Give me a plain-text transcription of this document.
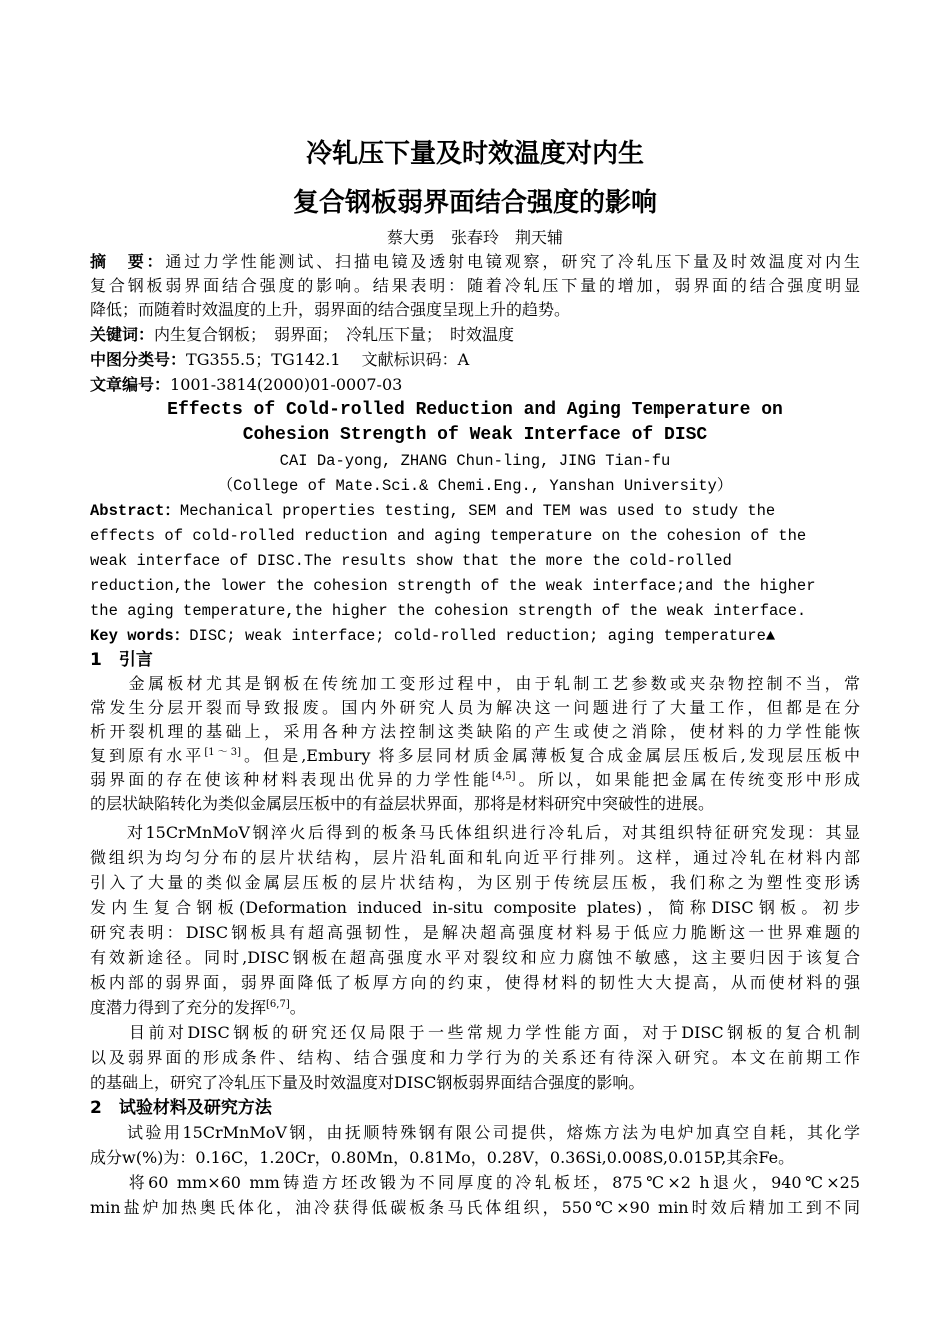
冷轧压下量及时效温度对内生
复合钢板弱界面结合强度的影响
蔡大勇　张春玲　荆天辅
摘　要：通过力学性能测试、扫描电镜及透射电镜观察，研究了冷轧压下量及时效温度对内生
复合钢板弱界面结合强度的影响。结果表明：随着冷轧压下量的增加，弱界面的结合强度明显
降低；而随着时效温度的上升，弱界面的结合强度呈现上升的趋势。
关键词：内生复合钢板；　弱界面；　冷轧压下量；　时效温度
中图分类号：TG355.5；TG142.1　 文献标识码：A
文章编号：1001-3814(2000)01-0007-03
Effects of Cold-rolled Reduction and Aging Temperature on
Cohesion Strength of Weak Interface of DISC
CAI Da-yong, ZHANG Chun-ling, JING Tian-fu
（College of Mate.Sci.& Chemi.Eng., Yanshan University）
Abstract：Mechanical properties testing, SEM and TEM was used to study the
effects of cold-rolled reduction and aging temperature on the cohesion of the
weak interface of DISC.The results show that the more the cold-rolled
reduction,the lower the cohesion strength of the weak interface;and the higher
the aging temperature,the higher the cohesion strength of the weak interface.
Key words：DISC; weak interface; cold-rolled reduction; aging temperature▲
1　引言
　　金属板材尤其是钢板在传统加工变形过程中，由于轧制工艺参数或夹杂物控制不当，常
常发生分层开裂而导致报废。国内外研究人员为解决这一问题进行了大量工作，但都是在分
析开裂机理的基础上，采用各种方法控制这类缺陷的产生或使之消除，使材料的力学性能恢
复到原有水平[1～3]。但是,Embury 将多层同材质金属薄板复合成金属层压板后,发现层压板中
弱界面的存在使该种材料表现出优异的力学性能[4,5]。所以，如果能把金属在传统变形中形成
的层状缺陷转化为类似金属层压板中的有益层状界面，那将是材料研究中突破性的进展。
　　对15CrMnMoV钢淬火后得到的板条马氏体组织进行冷轧后，对其组织特征研究发现：其显
微组织为均匀分布的层片状结构，层片沿轧面和轧向近平行排列。这样，通过冷轧在材料内部
引入了大量的类似金属层压板的层片状结构，为区别于传统层压板，我们称之为塑性变形诱
发内生复合钢板(Deformation induced in-situ composite plates)，简称DISC钢板。初步
研究表明：DISC钢板具有超高强韧性，是解决超高强度材料易于低应力脆断这一世界难题的
有效新途径。同时,DISC钢板在超高强度水平对裂纹和应力腐蚀不敏感，这主要归因于该复合
板内部的弱界面，弱界面降低了板厚方向的约束，使得材料的韧性大大提高，从而使材料的强
度潜力得到了充分的发挥[6,7]。
　　目前对DISC钢板的研究还仅局限于一些常规力学性能方面，对于DISC钢板的复合机制
以及弱界面的形成条件、结构、结合强度和力学行为的关系还有待深入研究。本文在前期工作
的基础上，研究了冷轧压下量及时效温度对DISC钢板弱界面结合强度的影响。
2　试验材料及研究方法
　　试验用15CrMnMoV钢，由抚顺特殊钢有限公司提供，熔炼方法为电炉加真空自耗，其化学
成分w(%)为：0.16C，1.20Cr，0.80Mn，0.81Mo，0.28V，0.36Si,0.008S,0.015P,其余Fe。
　　将60 mm×60 mm铸造方坯改锻为不同厚度的冷轧板坯，875℃×2 h退火，940℃×25
min盐炉加热奥氏体化，油冷获得低碳板条马氏体组织，550℃×90 min时效后精加工到不同
